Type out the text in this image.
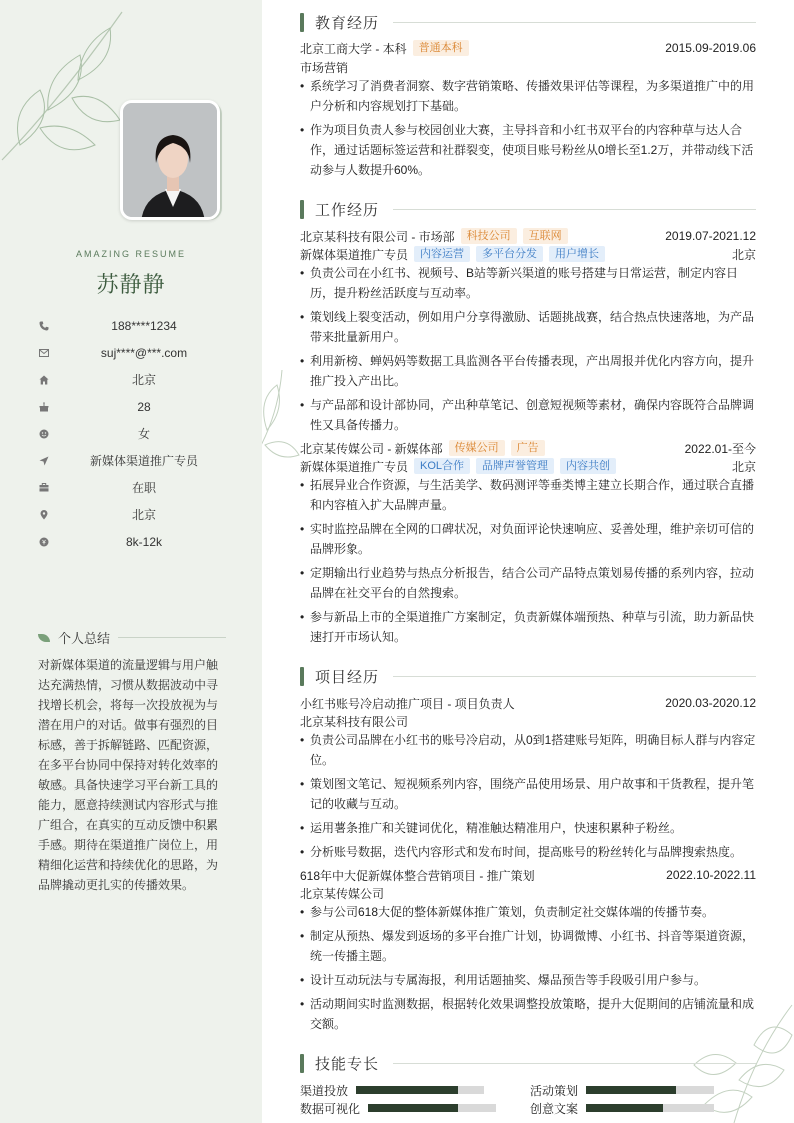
AMAZING RESUME
苏静静
188****1234
suj****@***.com
北京
28
女
新媒体渠道推广专员
在职
北京
8k-12k
个人总结
对新媒体渠道的流量逻辑与用户触达充满热情，习惯从数据波动中寻找增长机会，将每一次投放视为与潜在用户的对话。做事有强烈的目标感，善于拆解链路、匹配资源，在多平台协同中保持对转化效率的敏感。具备快速学习平台新工具的能力，愿意持续测试内容形式与推广组合，在真实的互动反馈中积累手感。期待在渠道推广岗位上，用精细化运营和持续优化的思路，为品牌撬动更扎实的传播效果。
教育经历
北京工商大学 - 本科	普通本科	2015.09-2019.06
市场营销
• 系统学习了消费者洞察、数字营销策略、传播效果评估等课程，为多渠道推广中的用户分析和内容规划打下基础。
• 作为项目负责人参与校园创业大赛，主导抖音和小红书双平台的内容种草与达人合作，通过话题标签运营和社群裂变，使项目账号粉丝从0增长至1.2万，并带动线下活动参与人数提升60%。
工作经历
北京某科技有限公司 - 市场部	科技公司	互联网	2019.07-2021.12
新媒体渠道推广专员	内容运营	多平台分发	用户增长	北京
• 负责公司在小红书、视频号、B站等新兴渠道的账号搭建与日常运营，制定内容日历，提升粉丝活跃度与互动率。
• 策划线上裂变活动，例如用户分享得激励、话题挑战赛，结合热点快速落地，为产品带来批量新用户。
• 利用新榜、蝉妈妈等数据工具监测各平台传播表现，产出周报并优化内容方向，提升推广投入产出比。
• 与产品部和设计部协同，产出种草笔记、创意短视频等素材，确保内容既符合品牌调性又具备传播力。
北京某传媒公司 - 新媒体部	传媒公司	广告	2022.01-至今
新媒体渠道推广专员	KOL合作	品牌声誉管理	内容共创	北京
• 拓展异业合作资源，与生活美学、数码测评等垂类博主建立长期合作，通过联合直播和内容植入扩大品牌声量。
• 实时监控品牌在全网的口碑状况，对负面评论快速响应、妥善处理，维护亲切可信的品牌形象。
• 定期输出行业趋势与热点分析报告，结合公司产品特点策划易传播的系列内容，拉动品牌在社交平台的自然搜索。
• 参与新品上市的全渠道推广方案制定，负责新媒体端预热、种草与引流，助力新品快速打开市场认知。
项目经历
小红书账号冷启动推广项目 - 项目负责人	2020.03-2020.12
北京某科技有限公司
• 负责公司品牌在小红书的账号冷启动，从0到1搭建账号矩阵，明确目标人群与内容定位。
• 策划图文笔记、短视频系列内容，围绕产品使用场景、用户故事和干货教程，提升笔记的收藏与互动。
• 运用薯条推广和关键词优化，精准触达精准用户，快速积累种子粉丝。
• 分析账号数据，迭代内容形式和发布时间，提高账号的粉丝转化与品牌搜索热度。
618年中大促新媒体整合营销项目 - 推广策划	2022.10-2022.11
北京某传媒公司
• 参与公司618大促的整体新媒体推广策划，负责制定社交媒体端的传播节奏。
• 制定从预热、爆发到返场的多平台推广计划，协调微博、小红书、抖音等渠道资源，统一传播主题。
• 设计互动玩法与专属海报，利用话题抽奖、爆品预告等手段吸引用户参与。
• 活动期间实时监测数据，根据转化效果调整投放策略，提升大促期间的店铺流量和成交额。
技能专长
渠道投放	活动策划
数据可视化	创意文案
